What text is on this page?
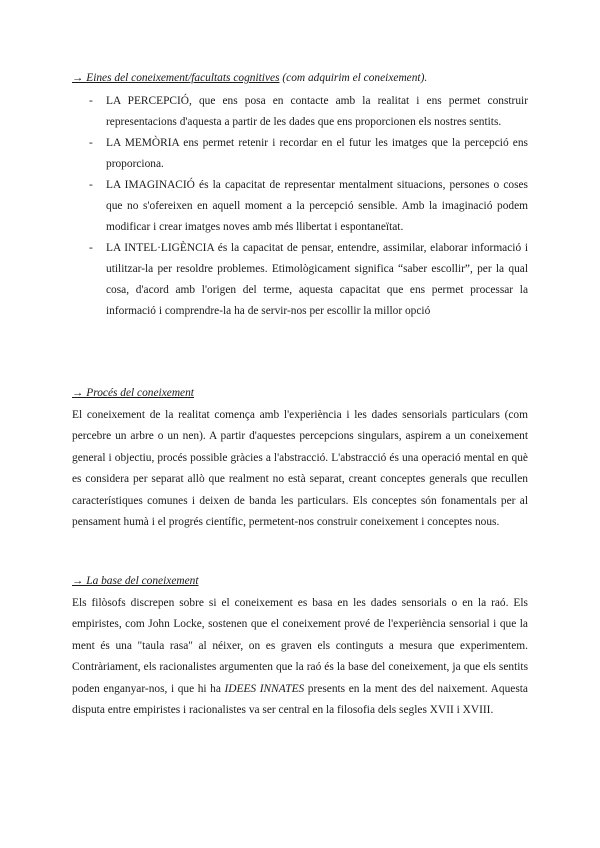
→ Eines del coneixement/facultats cognitives (com adquirim el coneixement).

- LA PERCEPCIÓ, que ens posa en contacte amb la realitat i ens permet construir representacions d'aquesta a partir de les dades que ens proporcionen els nostres sentits.
- LA MEMÒRIA ens permet retenir i recordar en el futur les imatges que la percepció ens proporciona.
- LA IMAGINACIÓ és la capacitat de representar mentalment situacions, persones o coses que no s'ofereixen en aquell moment a la percepció sensible. Amb la imaginació podem modificar i crear imatges noves amb més llibertat i espontaneïtat.
- LA INTEL·LIGÈNCIA és la capacitat de pensar, entendre, assimilar, elaborar informació i utilitzar-la per resoldre problemes. Etimològicament significa “saber escollir”, per la qual cosa, d'acord amb l'origen del terme, aquesta capacitat que ens permet processar la informació i comprendre-la ha de servir-nos per escollir la millor opció

→ Procés del coneixement

El coneixement de la realitat comença amb l'experiència i les dades sensorials particulars (com percebre un arbre o un nen). A partir d'aquestes percepcions singulars, aspirem a un coneixement general i objectiu, procés possible gràcies a l'abstracció. L'abstracció és una operació mental en què es considera per separat allò que realment no està separat, creant conceptes generals que recullen característiques comunes i deixen de banda les particulars. Els conceptes són fonamentals per al pensament humà i el progrés científic, permetent-nos construir coneixement i conceptes nous.

→ La base del coneixement

Els filòsofs discrepen sobre si el coneixement es basa en les dades sensorials o en la raó. Els empiristes, com John Locke, sostenen que el coneixement prové de l'experiència sensorial i que la ment és una "taula rasa" al néixer, on es graven els continguts a mesura que experimentem. Contràriament, els racionalistes argumenten que la raó és la base del coneixement, ja que els sentits poden enganyar-nos, i que hi ha IDEES INNATES presents en la ment des del naixement. Aquesta disputa entre empiristes i racionalistes va ser central en la filosofia dels segles XVII i XVIII.
